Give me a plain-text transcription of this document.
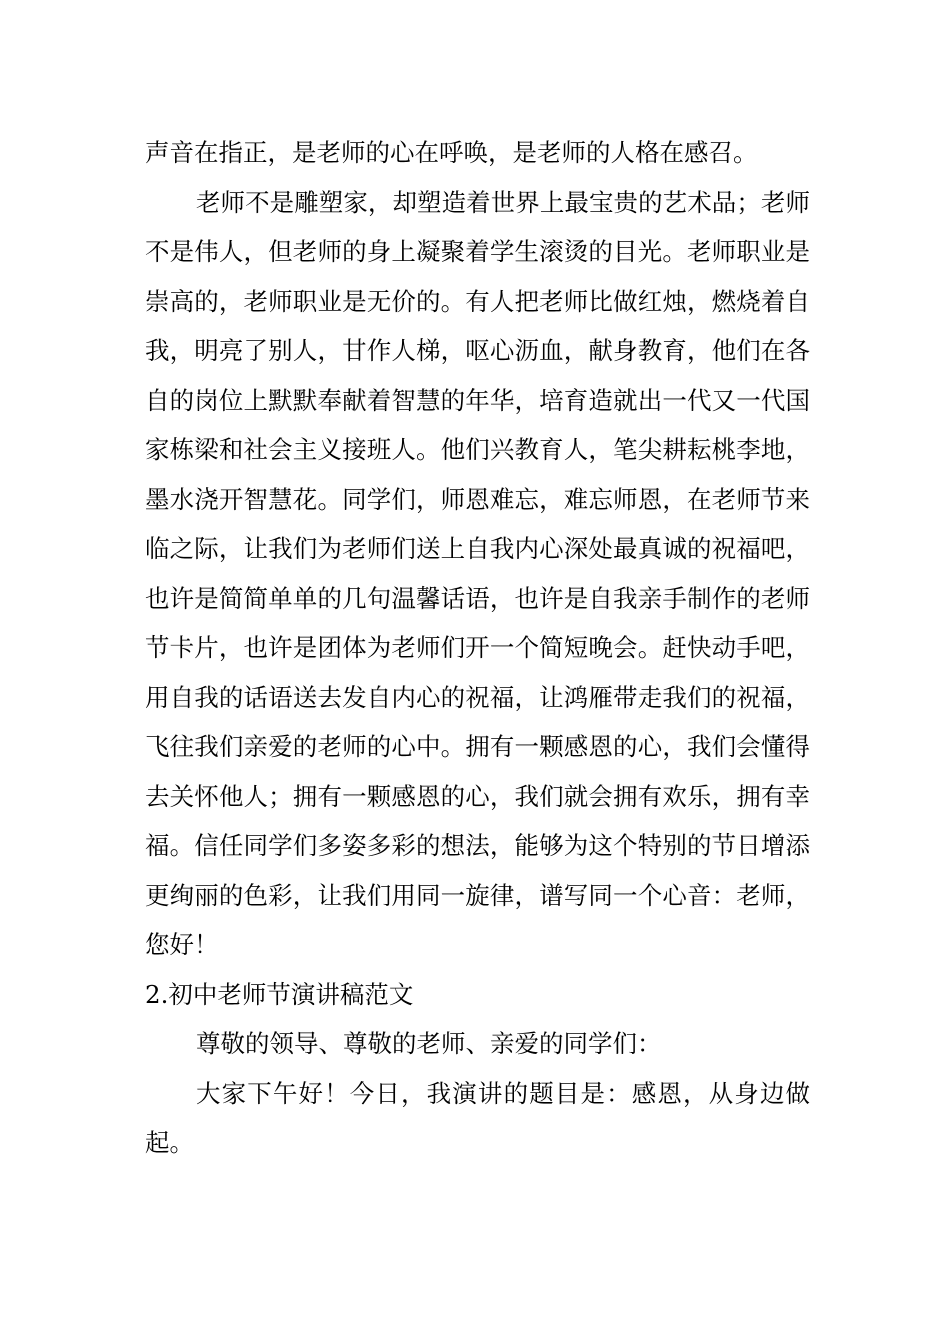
声音在指正，是老师的心在呼唤，是老师的人格在感召。

老师不是雕塑家，却塑造着世界上最宝贵的艺术品；老师不是伟人，但老师的身上凝聚着学生滚烫的目光。老师职业是崇高的，老师职业是无价的。有人把老师比做红烛，燃烧着自我，明亮了别人，甘作人梯，呕心沥血，献身教育，他们在各自的岗位上默默奉献着智慧的年华，培育造就出一代又一代国家栋梁和社会主义接班人。他们兴教育人，笔尖耕耘桃李地，墨水浇开智慧花。同学们，师恩难忘，难忘师恩，在老师节来临之际，让我们为老师们送上自我内心深处最真诚的祝福吧，也许是简简单单的几句温馨话语，也许是自我亲手制作的老师节卡片，也许是团体为老师们开一个简短晚会。赶快动手吧，用自我的话语送去发自内心的祝福，让鸿雁带走我们的祝福，飞往我们亲爱的老师的心中。拥有一颗感恩的心，我们会懂得去关怀他人；拥有一颗感恩的心，我们就会拥有欢乐，拥有幸福。信任同学们多姿多彩的想法，能够为这个特别的节日增添更绚丽的色彩，让我们用同一旋律，谱写同一个心音：老师，您好！

2.初中老师节演讲稿范文

尊敬的领导、尊敬的老师、亲爱的同学们：

大家下午好！今日，我演讲的题目是：感恩，从身边做起。
